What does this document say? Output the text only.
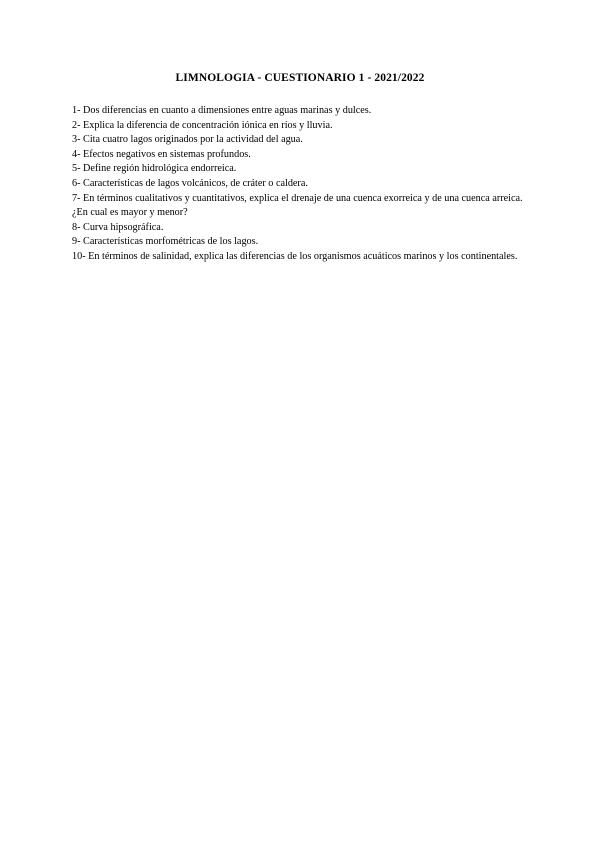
LIMNOLOGIA - CUESTIONARIO 1 - 2021/2022
1- Dos diferencias en cuanto a dimensiones entre aguas marinas y dulces.
2- Explica la diferencia de concentración iónica en ríos y lluvia.
3- Cita cuatro lagos originados por la actividad del agua.
4- Efectos negativos en sistemas profundos.
5- Define región hidrológica endorreica.
6- Características de lagos volcánicos, de cráter o caldera.
7- En términos cualitativos y cuantitativos, explica el drenaje de una cuenca exorreica y de una cuenca arreica. ¿En cual es mayor y menor?
8- Curva hipsográfica.
9- Características morfométricas de los lagos.
10- En términos de salinidad, explica las diferencias de los organismos acuáticos marinos y los continentales.
